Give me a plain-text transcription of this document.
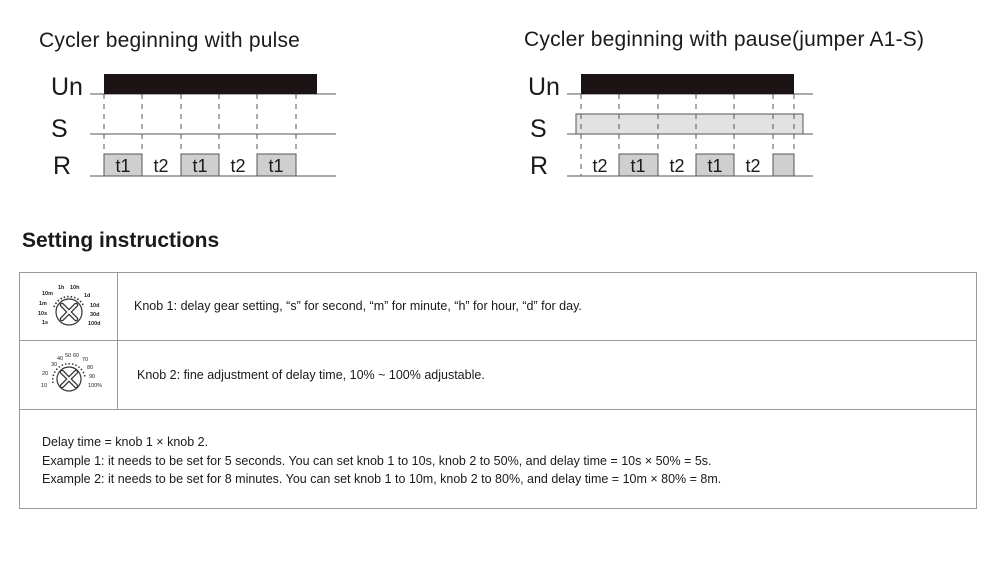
Cycler beginning with pulse
Un
S
R t1 t2 t1 t2 t1
Cycler beginning with pause(jumper A1-S)
Un
S
R t2 t1 t2 t1 t2
Setting instructions
10m
1h 10h
1m
1d
10s
10d
1s
30d
100d
Knob 1: delay gear setting, “s” for second, “m” for minute, “h” for hour, “d” for day.
30
40 50 60
70
20
80
90
10	100%
Knob 2: fine adjustment of delay time, 10% ~ 100% adjustable.
Delay time = knob 1 × knob 2.
Example 1: it needs to be set for 5 seconds. You can set knob 1 to 10s, knob 2 to 50%, and delay time = 10s × 50% = 5s.
Example 2: it needs to be set for 8 minutes. You can set knob 1 to 10m, knob 2 to 80%, and delay time = 10m × 80% = 8m.
